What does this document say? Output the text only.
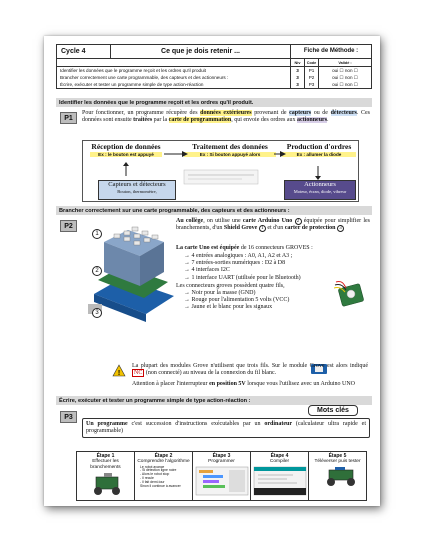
Cycle 4	Ce que je dois retenir ...	Fiche de Méthode :
Niv	Code	Validé :
Identifier les données que le programme reçoit et les ordres qu'il produit	3	P1	oui ☐ non ☐
Brancher correctement une carte programmable, des capteurs et des actionneurs :	3	P2	oui ☐ non ☐
Écrire, exécuter et tester un programme simple de type action-réaction	3	P3	oui ☐ non ☐
Identifier les données que le programme reçoit et les ordres qu'il produit.
P1
Pour fonctionner, un programme récupère des données extérieures provenant de capteurs ou de détecteurs. Ces données sont ensuite traitées par la carte de programmation, qui envoie des ordres aux actionneurs.
Réception de données
Ex : le bouton est appuyé
Traitement des données
Ex : Si bouton appuyé alors
Production d'ordres
Ex : allumer la diode
Capteurs et détecteurs
Bouton, thermomètre,
Actionneurs
Moteur, écran, diode, vibreur
Brancher correctement sur une carte programmable, des capteurs et des actionneurs :
P2
1
2
3
Au collège, on utilise une carte Arduino Uno 2 équipée pour simplifier les branchements, d'un Shield Grove 1 et d'un carter de protection 3
La carte Uno est équipée de 16 connecteurs GROVES :
→ 4 entrées analogiques : A0, A1, A2 et A3 ;
→ 7 entrées-sorties numériques : D2 à D8
→ 4 interfaces I2C
→ 1 interface UART (utilisée pour le Bluetooth)
Les connecteurs groves possèdent quatre fils,
→ Noir pour la masse (GND)
→ Rouge pour l'alimentation 5 volts (VCC)
→ Jaune et le blanc pour les signaux
!
La plupart des modules Grove n'utilisent que trois fils. Sur le module Grove est alors indiqué NC (non connecté) au niveau de la connexion du fil blanc.
Attention à placer l'interrupteur en position 5V lorsque vous l'utilisez avec un Arduino UNO
Écrire, exécuter et tester un programme simple de type action-réaction :
P3
Mots clés
Un programme c'est succession d'instructions exécutables par un ordinateur (calculateur ultra rapide et programmable)
Étape 1
Effectuer les branchements
Étape 2
Comprendre l'algorithme
Le robot avance
- Si détection ligne noire
- Alors le robot stop
- Il recule
- Il fait demi-tour
Sinon il continue à avancer
Étape 3
Programmer
Étape 4
Compiler
Étape 5
Téléverser puis tester
